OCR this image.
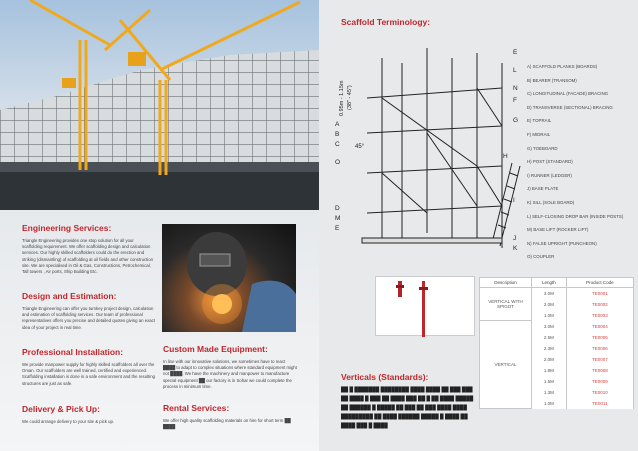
Engineering Services:
Triangle Engineering provides one stop solution for all your scaffolding requirement. We offer scaffolding design and calculation services. Our highly skilled scaffolders could do the erection and striking (dismantling) of scaffolding at oil fields and other construction site. We are specialised in Oil & Gas, Constructions, Petrochemical, Tall towers , Air ports, Ship Building Etc.
Design and Estimation:
Triangle Engineering can offer you turnkey project design, calculation and estimation of scaffolding services. Our team of professional representatives offers you precise and detailed quotes giving an exact idea of your project in real time.
Professional Installation:
We provide manpower supply for highly skilled scaffolders all over the Oman. Our scaffolders are well trained, certified and experienced. Scaffolding installation is done in a safe environment and the resulting structures are just as safe.
Delivery & Pick Up:
We could arrange delivery to your site & pick up.
Custom Made Equipment:
In line with our innovative solutions, we sometimes have to react ████ to adapt to complex situations where standard equipment might not ████. We have the machinery and manpower to manufacture special equipment ██ our factory is in Sohar we could complete the process in minimum time.
Rental Services:
We offer high quality scaffolding materials on hire for short term ██ ████
Scaffold Terminology:
E
L
N
F
G
H
I
J
K
A
B
C
O
D
M
E
45°
0.95m - 1.15m (38" - 45")
A) SCAFFOLD PLANKS (BOARDS)
B) BEARER (TRANSOM)
C) LONGITUDINAL (FACADE) BRACING
D) TRANSVERSE (SECTIONAL) BRACING
E) TOPRAIL
F) MIDRAIL
G) TOEBOARD
H) POST (STANDARD)
I) RUNNER (LEDGER)
J) BASE PLATE
K) SILL (SOLE BOARD)
L) SELF-CLOSING DROP BAR (INSIDE POSTS)
M) BASE LIFT (ROCKER LIFT)
N) FALSE UPRIGHT (PUNCHEON)
O) COUPLER
Description	Length	Product Code
VERTICAL WITH SPIGOT	3.0M	TE0001
	2.0M	TE0002
	1.0M	TE0003
VERTICAL	3.0M	TE0004
	2.5M	TE0005
	2.3M	TE0006
	2.0M	TE0007
	1.8M	TE0008
	1.5M	TE0009
	1.3M	TE0010
	1.0M	TE0011
Verticals (Standards):
██ █ ███████ ████████ ████ ████ ██ ███ ███ ██ ████ █ ███ ██ ████ ███ ██ █ ██ ████ █████ ██ ██████ █ █████ ██ ███ ██ ███ ████ ████ █████████ ██ ████ ██████ █████ █ ████ ██ ████ ███ █ ████
